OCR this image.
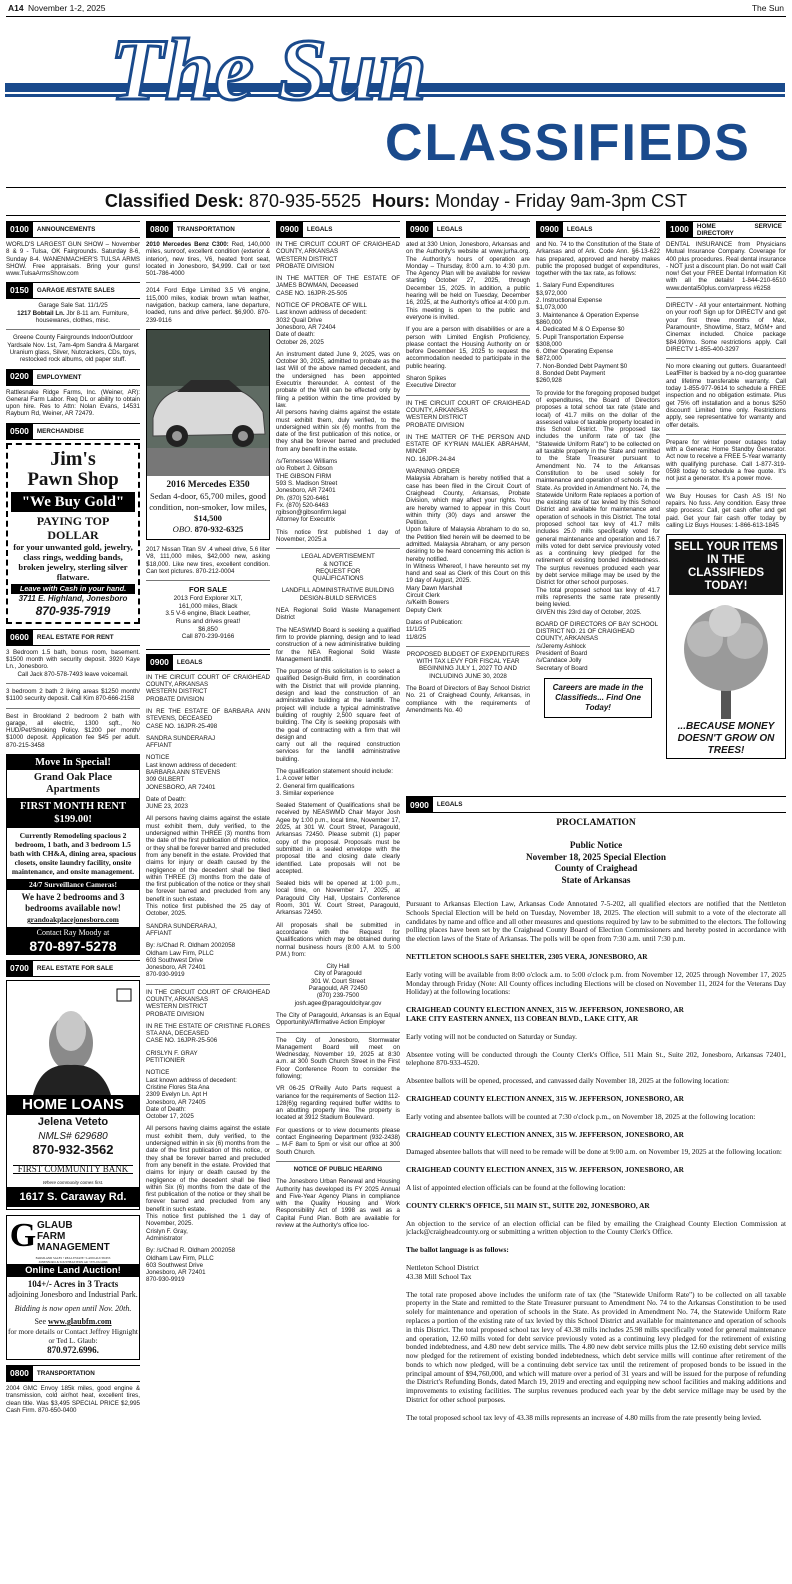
A14 November 1-2, 2025	The Sun
The Sun
CLASSIFIEDS
Classified Desk: 870-935-5525 Hours: Monday - Friday 9am-3pm CST
0100	ANNOUNCEMENTS

WORLD'S LARGEST GUN SHOW – November 8 & 9 - Tulsa, OK Fairgrounds. Saturday 8-6, Sunday 8-4. WANENMACHER'S TULSA ARMS SHOW. Free appraisals. Bring your guns! www.TulsaArmsShow.com

0150	GARAGE /ESTATE SALES

Garage Sale Sat. 11/1/25
1217 Bobtail Ln. Jbr 8-11 am. Furniture, housewares, clothes, misc.

Greene County Fairgrounds Indoor/Outdoor Yardsale Nov. 1st, 7am-4pm Sandra & Margaret Uranium glass, Silver, Nutcrackers, CDs, toys, restocked rock albums, old paper stuff.

0200	EMPLOYMENT

Rattlesnake Ridge Farms, Inc. (Weiner, AR): General Farm Labor. Req DL or ability to obtain upon hire. Res to Attn: Nolan Evans, 14531 Rayburn Rd, Weiner, AR 72479.

0500	MERCHANDISE
Jim's
Pawn Shop
"We Buy Gold"
PAYING TOP DOLLAR
for your unwanted gold, jewelry, class rings, wedding bands, broken jewelry, sterling silver flatware.
Leave with Cash in your hand.
3711 E. Highland, Jonesboro
870-935-7919
0600	REAL ESTATE FOR RENT

3 Bedroom 1.5 bath, bonus room, basement. $1500 month with security deposit. 3920 Kaye Ln., Jonesboro.

Call Jack 870-578-7493 leave voicemail.

3 bedroom 2 bath 2 living areas $1250 month/ $1100 security deposit. Call Kim 870-666-2158

Best in Brookland 2 bedroom 2 bath with garage, all electric, 1300 sqft., No HUD/Pet/Smoking Policy. $1200 per month/ $1000 deposit. Application fee $45 per adult. 870-215-3458

Move In Special!
Grand Oak Place Apartments
FIRST MONTH RENT $199.00!
Currently Remodeling spacious 2 bedroom, 1 bath, and 3 bedroom 1.5 bath with CH&A, dining area, spacious closets, onsite laundry facility, onsite maintenance, and onsite management.
24/7 Surveillance Cameras!
We have 2 bedrooms and 3 bedrooms available now!
grandoakplacejonesboro.com
Contact Ray Moody at
870-897-5278
0700	REAL ESTATE FOR SALE
HOME LOANS
Jelena Veteto
NMLS# 629680
870-932-3562
FIRST COMMUNITY BANK
Where community comes first.
1617 S. Caraway Rd.
G GLAUB
FARM
MANAGEMENT
FARMLAND SALES • REAL ESTATE • LAND AUCTIONS
JONESBORO & SOUTHEASTERN AR • 870-932-6996
Online Land Auction!
104+/- Acres in 3 Tracts
adjoining Jonesboro and Industrial Park.
Bidding is now open until Nov. 20th.
See www.glaubfm.com
for more details or Contact Jeffrey Hignight or Ted L. Glaub:
870.972.6996.
0800	TRANSPORTATION

2004 GMC Envoy 185k miles, good engine & transmission, cold air/hot heat, excellent tires, clean title. Was $3,495 SPECIAL PRICE $2,995 Cash Firm. 870-650-0400

0800	TRANSPORTATION

2010 Mercedes Benz C300: Red, 140,000 miles, sunroof, excellent condition (exterior & interior), new tires, V6, heated front seat, located in Jonesboro, $4,999. Call or text 501-786-4000

2014 Ford Edge Limited 3.5 V6 engine, 115,000 miles, kodiak brown w/tan leather, navigation, backup camera, lane departure, loaded, runs and drive perfect. $6,900. 870-239-9116

2016 Mercedes E350
Sedan 4-door, 65,700 miles, good condition, non-smoker, low miles,
$14,500
OBO. 870-932-6325

2017 Nissan Titan SV .4 wheel drive, 5.6 liter V8, 111,000 miles, $42,000 new, asking $18,000. Like new tires, excellent condition. Can text pictures. 870-212-0004

FOR SALE
2013 Ford Explorer XLT,
161,000 miles, Black
3.5 V-6 engine, Black Leather,
Runs and drives great!
$6,850
Call 870-239-9166
0900	LEGALS

IN THE CIRCUIT COURT OF CRAIGHEAD COUNTY, ARKANSAS
WESTERN DISTRICT
PROBATE DIVISION

IN RE THE ESTATE OF BARBARA ANN STEVENS, DECEASED
CASE NO. 16JPR-25-498

SANDRA SUNDERARAJ
AFFIANT

NOTICE
Last known address of decedent:
BARBARA ANN STEVENS
309 GILBERT
JONESBORO, AR 72401

Date of Death:
JUNE 23, 2023

All persons having claims against the estate must exhibit them, duly verified, to the undersigned within THREE (3) months from the date of the first publication of this notice, or they shall be forever barred and precluded from any benefit in the estate. Provided that claims for injury or death caused by the negligence of the decedent shall be filed within THREE (3) months from the date of the first publication of the notice or they shall be forever barred and precluded from any benefit in such estate.
This notice first published the 25 day of October, 2025.

SANDRA SUNDERARAJ,
AFFIANT

By: /s/Chad R. Oldham 2002058
Oldham Law Firm, PLLC
603 Southwest Drive
Jonesboro, AR 72401
870-930-9919

IN THE CIRCUIT COURT OF CRAIGHEAD COUNTY, ARKANSAS
WESTERN DISTRICT
PROBATE DIVISION

IN RE THE ESTATE OF CRISTINE FLORES STA ANA, DECEASED
CASE NO. 16JPR-25-506

CRISLYN F. GRAY
PETITIONIER

NOTICE
Last known address of decedent:
Cristine Flores Sta Ana
2309 Evelyn Ln. Apt H
Jonesboro, AR 72405
Date of Death:
October 17, 2025

All persons having claims against the estate must exhibit them, duly verified, to the undersigned within in six (6) months from the date of the first publication of this notice, or they shall be forever barred and precluded from any benefit in the estate. Provided that claims for injury or death caused by the negligence of the decedent shall be filed within Six (6) months from the date of the first publication of the notice or they shall be forever barred and precluded from any benefit in such estate.
This notice first published the 1 day of November, 2025.
Crislyn F. Gray,
Administrator

By: /s/Chad R. Oldham 2002058
Oldham Law Firm, PLLC
603 Southwest Drive
Jonesboro, AR 72401
870-930-9919

0900	LEGALS

IN THE CIRCUIT COURT OF CRAIGHEAD COUNTY, ARKANSAS
WESTERN DISTRICT
PROBATE DIVISION

IN THE MATTER OF THE ESTATE OF JAMES BOWMAN, Deceased
CASE NO. 16JPR-25-505

NOTICE OF PROBATE OF WILL
Last known address of decedent:
3032 Quail Drive
Jonesboro, AR 72404
Date of death:
October 26, 2025

An instrument dated June 9, 2025, was on October 30, 2025, admitted to probate as the last Will of the above named decedent, and the undersigned has been appointed Executrix thereunder. A contest of the probate of the Will can be effected only by filing a petition within the time provided by law.
All persons having claims against the estate must exhibit them, duly verified, to the undersigned within six (6) months from the date of the first publication of this notice, or they shall be forever barred and precluded from any benefit in the estate.

/s/Tennessee Williams
o/o Robert J. Gibson
THE GIBSON FIRM
593 S. Madison Street
Jonesboro, AR 72401
Ph. (870) 520-6461
Fx. (870) 520-6463
rgibson@gibsonfirm.legal
Attorney for Executrix

This notice first published 1 day of November, 2025.a

LEGAL ADVERTISEMENT
& NOTICE
REQUEST FOR
QUALIFICATIONS

LANDFILL ADMINISTRATIVE BUILDING DESIGN-BUILD SERVICES

NEA Regional Solid Waste Management District

The NEASWMD Board is seeking a qualified firm to provide planning, design and to lead construction of a new administrative building for the NEA Regional Solid Waste Management landfill.

The purpose of this solicitation is to select a qualified Design-Build firm, in coordination with the District that will provide planning, design and lead the construction of an administrative building at the landfill. The project will include a typical administrative building of roughly 2,500 square feet of building. The City is seeking proposals with the goal of contracting with a firm that will design and
carry out all the required construction services for the landfill administrative building.

The qualification statement should include:
1. A cover letter
2. General firm qualifications
3. Similar experience

Sealed Statement of Qualifications shall be received by NEASWMD Chair Mayor Josh Agee by 1:00 p.m., local time, November 17, 2025, at 301 W. Court Street, Paragould, Arkansas 72450. Please submit (1) paper copy of the proposal. Proposals must be submitted in a sealed envelope with the proposal title and closing date clearly identified. Late proposals will not be accepted.

Sealed bids will be opened at 1:00 p.m., local time, on November 17, 2025, at Paragould City Hall, Upstairs Conference Room, 301 W. Court Street, Paragould, Arkansas 72450.

All proposals shall be submitted in accordance with the Request for Qualifications which may be obtained during normal business hours (8:00 A.M. to 5:00 P.M.) from:

City Hall
City of Paragould
301 W. Court Street
Paragould, AR 72450
(870) 239-7500
josh.agee@paragouldcityar.gov

The City of Paragould, Arkansas is an Equal Opportunity/Affirmative Action Employer

The City of Jonesboro, Stormwater Management Board will meet on Wednesday, November 19, 2025 at 8:30 a.m. at 300 South Church Street in the First Floor Conference Room to consider the following;

VR 06-25 O'Reilly Auto Parts request a variance for the requirements of Section 112-128(6)g regarding required buffer widths to an abutting property line. The property is located at 3912 Stadium Boulevard.

For questions or to view documents please contact Engineering Department (932-2438) – M-F 8am to 5pm or visit our office at 300 South Church.

NOTICE OF PUBLIC HEARING

The Jonesboro Urban Renewal and Housing Authority has developed its FY 2025 Annual and Five-Year Agency Plans in compliance with the Quality Housing and Work Responsibility Act of 1998 as well as a Capital Fund Plan. Both are available for review at the Authority's office loc-

0900	LEGALS

ated at 330 Union, Jonesboro, Arkansas and on the Authority's website at www.jurha.org. The Authority's hours of operation are Monday – Thursday, 8:00 a.m. to 4:30 p.m. The Agency Plan will be available for review starting October 27, 2025, through December 15, 2025. In addition, a public hearing will be held on Tuesday, December 16, 2025, at the Authority's office at 4:00 p.m. This meeting is open to the public and everyone is invited.

If you are a person with disabilities or are a person with Limited English Proficiency, please contact the Housing Authority on or before December 15, 2025 to request the accommodation needed to participate in the public hearing.

Sharon Spikes
Executive Director

IN THE CIRCUIT COURT OF CRAIGHEAD COUNTY, ARKANSAS
WESTERN DISTRICT
PROBATE DIVISION

IN THE MATTER OF THE PERSON AND ESTATE OF KY'RIAN MALIEK ABRAHAM, MINOR
NO. 16JPR-24-84

WARNING ORDER
Malaysia Abraham is hereby notified that a case has been filed in the Circuit Court of Craighead County, Arkansas, Probate Division, which may affect your rights. You are hereby warned to appear in this Court within thirty (30) days and answer the Petition.
Upon failure of Malaysia Abraham to do so, the Petition filed herein will be deemed to be admitted. Malaysia Abraham, or any person desiring to be heard concerning this action is hereby notified.
In Witness Whereof, I have hereunto set my hand and seal as Clerk of this Court on this 19 day of August, 2025.
Mary Dawn Marshall
Circuit Clerk
/s/Keith Bowers
Deputy Clerk

Dates of Publication:
11/1/25
11/8/25

PROPOSED BUDGET OF EXPENDITURES WITH TAX LEVY FOR FISCAL YEAR BEGINNING JULY 1, 2027 TO AND INCLUDING JUNE 30, 2028

The Board of Directors of Bay School District No. 21 of Craighead County, Arkansas, in compliance with the requirements of Amendments No. 40

0900	LEGALS

and No. 74 to the Constitution of the State of Arkansas and of Ark. Code Ann. §6-13-622 has prepared, approved and hereby makes public the proposed budget of expenditures, together with the tax rate, as follows:

1. Salary Fund Expenditures
$3,972,000
2. Instructional Expense
$1,073,000
3. Maintenance & Operation Expense $860,000
4. Dedicated M & O Expense $0
5. Pupil Transportation Expense
$308,000
6. Other Operating Expense
$872,000
7. Non-Bonded Debt Payment $0
8. Bonded Debt Payment
$260,928

To provide for the foregoing proposed budget of expenditures, the Board of Directors proposes a total school tax rate (state and local) of 41.7 mills on the dollar of the assessed value of taxable property located in this School District. The proposed tax includes the uniform rate of tax (the "Statewide Uniform Rate") to be collected on all taxable property in the State and remitted to the State Treasurer pursuant to Amendment No. 74 to the Arkansas Constitution to be used solely for maintenance and operation of schools in the State. As provided in Amendment No. 74, the Statewide Uniform Rate replaces a portion of the existing rate of tax levied by this School District and available for maintenance and operation of schools in this District. The total proposed school tax levy of 41.7 mills includes 25.0 mills specifically voted for general maintenance and operation and 16.7 mills voted for debt service previously voted as a continuing levy pledged for the retirement of existing bonded indebtedness. The surplus revenues produced each year by debt service millage may be used by the District for other school purposes.
The total proposed school tax levy of 41.7 mills represents the same rate presently being levied.
GIVEN this 23rd day of October, 2025.

BOARD OF DIRECTORS OF BAY SCHOOL DISTRICT NO. 21 OF CRAIGHEAD COUNTY, ARKANSAS
/s/Jeremy Ashlock
President of Board
/s/Candace Jolly
Secretary of Board

Careers are made in the Classifieds... Find One Today!
1000	HOME SERVICE DIRECTORY

DENTAL INSURANCE from Physicians Mutual Insurance Company. Coverage for 400 plus procedures. Real dental insurance - NOT just a discount plan. Do not wait! Call now! Get your FREE Dental Information Kit with all the details! 1-844-210-6510 www.dental50plus.com/arpress #6258

DIRECTV - All your entertainment. Nothing on your roof! Sign up for DIRECTV and get your first three months of Max, Paramount+, Showtime, Starz, MGM+ and Cinemax included. Choice package $84.99/mo. Some restrictions apply. Call DIRECTV 1-855-400-3297

No more cleaning out gutters. Guaranteed! LeafFilter is backed by a no-clog guarantee and lifetime transferable warranty. Call today 1-855-977-9614 to schedule a FREE inspection and no obligation estimate. Plus get 75% off installation and a bonus $250 discount! Limited time only. Restrictions apply, see representative for warranty and offer details.

Prepare for winter power outages today with a Generac Home Standby Generator. Act now to receive a FREE 5-Year warranty with qualifying purchase. Call 1-877-319-0598 today to schedule a free quote. It's not just a generator. It's a power move.

We Buy Houses for Cash AS IS! No repairs. No fuss. Any condition. Easy three step process: Call, get cash offer and get paid. Get your fair cash offer today by calling Liz Buys Houses: 1-866-613-1845

SELL YOUR ITEMS IN THE CLASSIFIEDS TODAY!
...BECAUSE MONEY DOESN'T GROW ON TREES!
0900	LEGALS
PROCLAMATION
Public Notice
November 18, 2025 Special Election
County of Craighead
State of Arkansas

Pursuant to Arkansas Election Law, Arkansas Code Annotated 7-5-202, all qualified electors are notified that the Nettleton Schools Special Election will be held on Tuesday, November 18, 2025. The election will submit to a vote of the electorate all candidates by name and office and all other measures and questions required by law to be submitted to the electors. The following polling places have been set by the Craighead County Board of Election Commissioners and hereby posted in accordance with the election laws of the State of Arkansas. The polls will be open from 7:30 a.m. until 7:30 p.m.

NETTLETON SCHOOLS SAFE SHELTER, 2305 VERA, JONESBORO, AR

Early voting will be available from 8:00 o'clock a.m. to 5:00 o'clock p.m. from November 12, 2025 through November 17, 2025 Monday through Friday (Note: All County offices including Elections will be closed on November 11, 2024 for the Veterans Day Holiday) at the following locations:

CRAIGHEAD COUNTY ELECTION ANNEX, 315 W. JEFFERSON, JONESBORO, AR
LAKE CITY EASTERN ANNEX, 113 COBEAN BLVD., LAKE CITY, AR

Early voting will not be conducted on Saturday or Sunday.

Absentee voting will be conducted through the County Clerk's Office, 511 Main St., Suite 202, Jonesboro, Arkansas 72401, telephone 870-933-4520.

Absentee ballots will be opened, processed, and canvassed daily November 18, 2025 at the following location:

CRAIGHEAD COUNTY ELECTION ANNEX, 315 W. JEFFERSON, JONESBORO, AR

Early voting and absentee ballots will be counted at 7:30 o'clock p.m., on November 18, 2025 at the following location:

CRAIGHEAD COUNTY ELECTION ANNEX, 315 W. JEFFERSON, JONESBORO, AR

Damaged absentee ballots that will need to be remade will be done at 9:00 a.m. on November 19, 2025 at the following location:

CRAIGHEAD COUNTY ELECTION ANNEX, 315 W. JEFFERSON, JONESBORO, AR

A list of appointed election officials can be found at the following location:

COUNTY CLERK'S OFFICE, 511 MAIN ST., SUITE 202, JONESBORO, AR

An objection to the service of an election official can be filed by emailing the Craighead County Election Commission at jclack@craigheadcounty.org or submitting a written objection to the County Clerk's Office.

The ballot language is as follows:

Nettleton School District
43.38 Mill School Tax

The total rate proposed above includes the uniform rate of tax (the "Statewide Uniform Rate") to be collected on all taxable property in the State and remitted to the State Treasurer pursuant to Amendment No. 74 to the Arkansas Constitution to be used solely for maintenance and operation of schools in the State. As provided in Amendment No. 74, the Statewide Uniform Rate replaces a portion of the existing rate of tax levied by this School District and available for maintenance and operation of schools in this District. The total proposed school tax levy of 43.38 mills includes 25.98 mills specifically voted for general maintenance and operation, 12.60 mills voted for debt service previously voted as a continuing levy pledged for the retirement of existing bonded indebtedness, and 4.80 new debt service mills. The 4.80 new debt service mills plus the 12.60 existing debt service mills now pledged for the retirement of existing bonded indebtedness, which debt service mills will continue after retirement of the bonds to which now pledged, will be a continuing debt service tax until the retirement of proposed bonds to be issued in the principal amount of $94,760,000, and which will mature over a period of 31 years and will be issued for the purpose of refunding the District's Refunding Bonds, dated March 19, 2019 and erecting and equipping new school facilities and making additions and improvements to existing facilities. The surplus revenues produced each year by the debt service millage may be used by the District for other school purposes.

The total proposed school tax levy of 43.38 mills represents an increase of 4.80 mills from the rate presently being levied.
